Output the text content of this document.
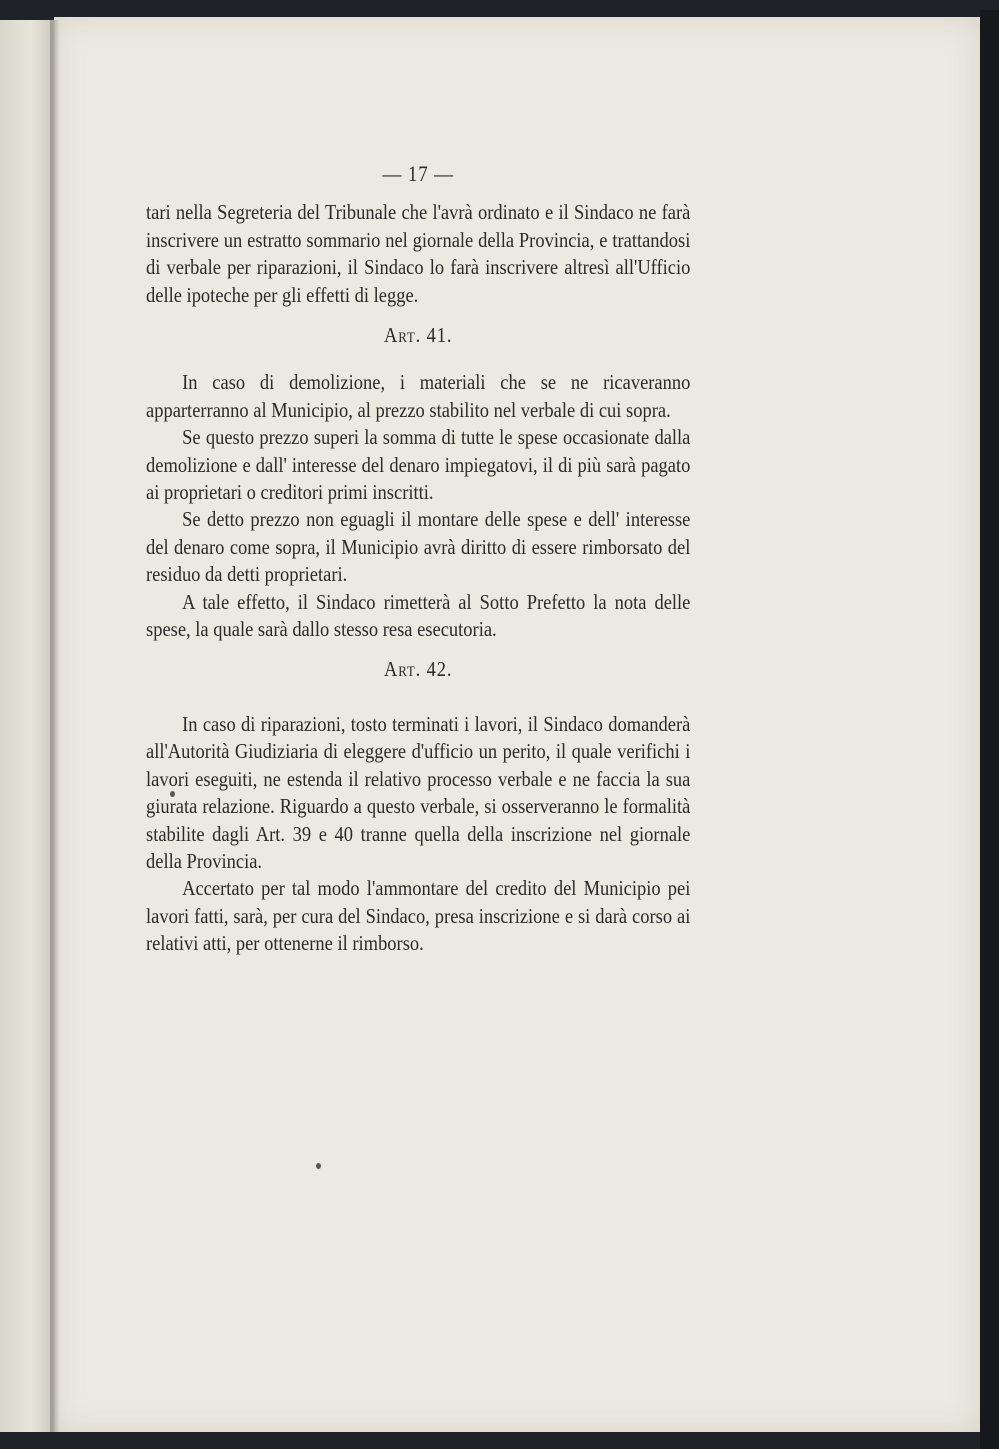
— 17 —

tari nella Segreteria del Tribunale che l'avrà ordinato e il Sindaco ne farà inscrivere un estratto sommario nel giornale della Provincia, e trattandosi di verbale per riparazioni, il Sindaco lo farà inscrivere altresì all'Ufficio delle ipoteche per gli effetti di legge.

Art. 41.

In caso di demolizione, i materiali che se ne ricaveranno apparterranno al Municipio, al prezzo stabilito nel verbale di cui sopra.

Se questo prezzo superi la somma di tutte le spese occasionate dalla demolizione e dall' interesse del denaro impiegatovi, il di più sarà pagato ai proprietari o creditori primi inscritti.

Se detto prezzo non eguagli il montare delle spese e dell' interesse del denaro come sopra, il Municipio avrà diritto di essere rimborsato del residuo da detti proprietari.

A tale effetto, il Sindaco rimetterà al Sotto Prefetto la nota delle spese, la quale sarà dallo stesso resa esecutoria.

Art. 42.

In caso di riparazioni, tosto terminati i lavori, il Sindaco domanderà all'Autorità Giudiziaria di eleggere d'ufficio un perito, il quale verifichi i lavori eseguiti, ne estenda il relativo processo verbale e ne faccia la sua giurata relazione. Riguardo a questo verbale, si osserveranno le formalità stabilite dagli Art. 39 e 40 tranne quella della inscrizione nel giornale della Provincia.

Accertato per tal modo l'ammontare del credito del Municipio pei lavori fatti, sarà, per cura del Sindaco, presa inscrizione e si darà corso ai relativi atti, per ottenerne il rimborso.
